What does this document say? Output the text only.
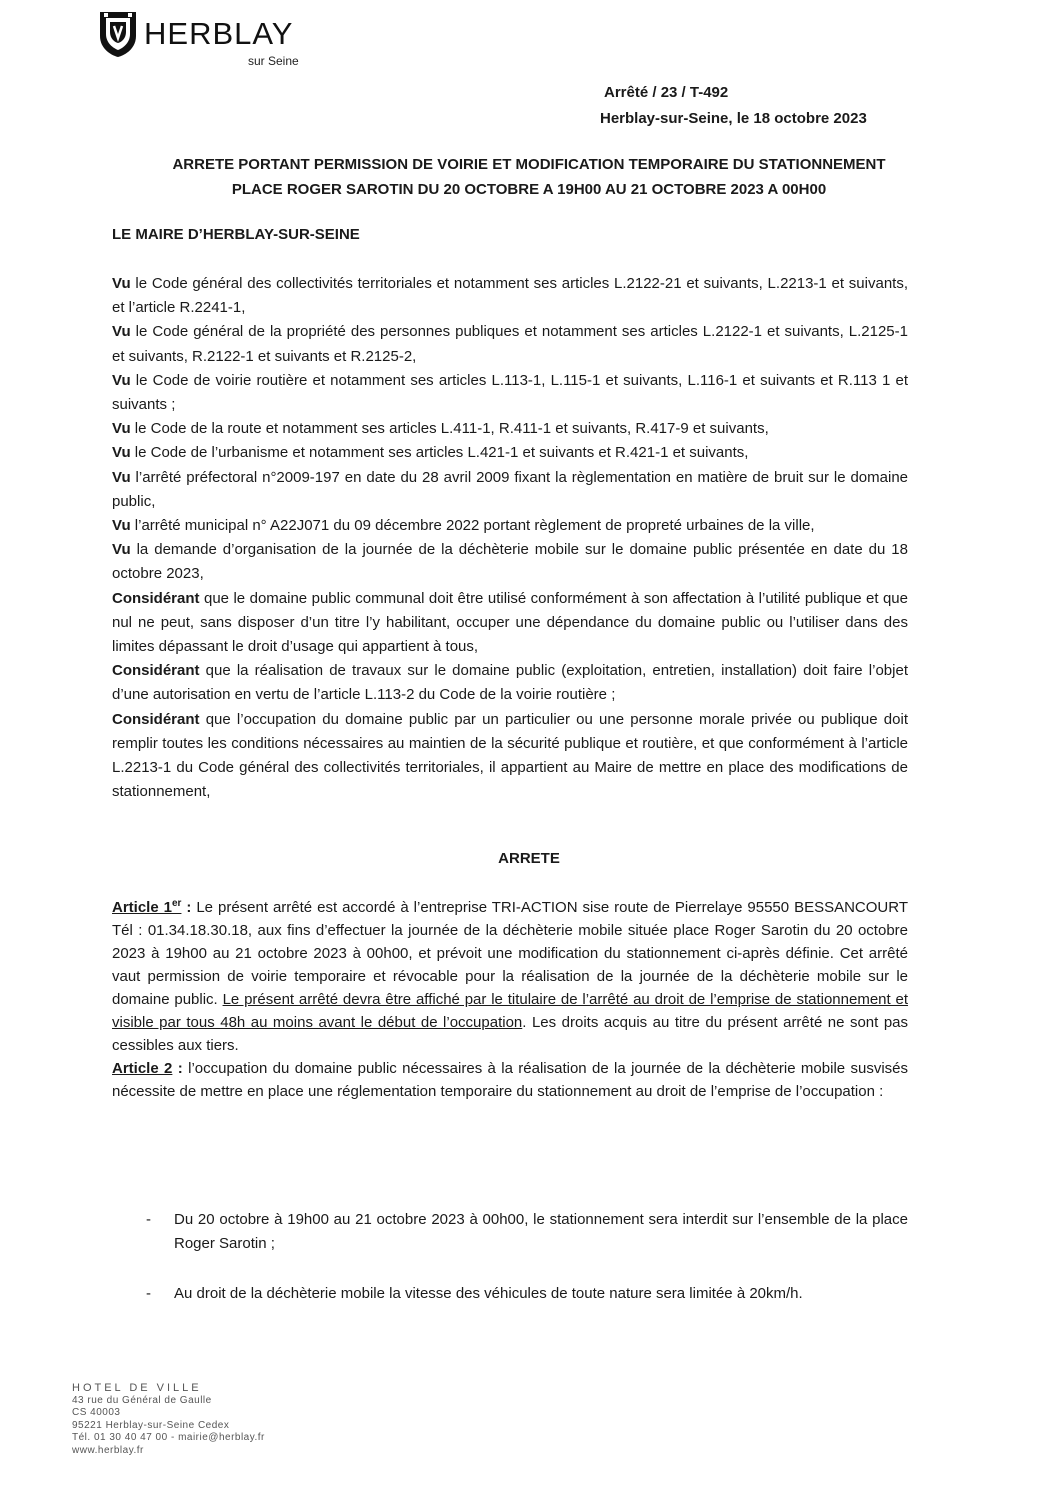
HERBLAY
sur Seine
Arrêté / 23 / T-492
Herblay-sur-Seine, le 18 octobre 2023
ARRETE PORTANT PERMISSION DE VOIRIE ET MODIFICATION TEMPORAIRE DU STATIONNEMENT
PLACE ROGER SAROTIN DU 20 OCTOBRE A 19H00 AU 21 OCTOBRE 2023 A 00H00
LE MAIRE D’HERBLAY-SUR-SEINE

Vu le Code général des collectivités territoriales et notamment ses articles L.2122-21 et suivants, L.2213-1 et suivants, et l’article R.2241-1,

Vu le Code général de la propriété des personnes publiques et notamment ses articles L.2122-1 et suivants, L.2125-1 et suivants, R.2122-1 et suivants et R.2125-2,

Vu le Code de voirie routière et notamment ses articles L.113-1, L.115-1 et suivants, L.116-1 et suivants et R.113 1 et suivants ;

Vu le Code de la route et notamment ses articles L.411-1, R.411-1 et suivants, R.417-9 et suivants,

Vu le Code de l’urbanisme et notamment ses articles L.421-1 et suivants et R.421-1 et suivants,

Vu l’arrêté préfectoral n°2009-197 en date du 28 avril 2009 fixant la règlementation en matière de bruit sur le domaine public,

Vu l’arrêté municipal n° A22J071 du 09 décembre 2022 portant règlement de propreté urbaines de la ville,

Vu la demande d’organisation de la journée de la déchèterie mobile sur le domaine public présentée en date du 18 octobre 2023,

Considérant que le domaine public communal doit être utilisé conformément à son affectation à l’utilité publique et que nul ne peut, sans disposer d’un titre l’y habilitant, occuper une dépendance du domaine public ou l’utiliser dans des limites dépassant le droit d’usage qui appartient à tous,

Considérant que la réalisation de travaux sur le domaine public (exploitation, entretien, installation) doit faire l’objet d’une autorisation en vertu de l’article L.113-2 du Code de la voirie routière ;

Considérant que l’occupation du domaine public par un particulier ou une personne morale privée ou publique doit remplir toutes les conditions nécessaires au maintien de la sécurité publique et routière, et que conformément à l’article L.2213-1 du Code général des collectivités territoriales, il appartient au Maire de mettre en place des modifications de stationnement,

ARRETE

Article 1er : Le présent arrêté est accordé à l’entreprise TRI-ACTION sise route de Pierrelaye 95550 BESSANCOURT Tél : 01.34.18.30.18, aux fins d’effectuer la journée de la déchèterie mobile située place Roger Sarotin du 20 octobre 2023 à 19h00 au 21 octobre 2023 à 00h00, et prévoit une modification du stationnement ci-après définie. Cet arrêté vaut permission de voirie temporaire et révocable pour la réalisation de la journée de la déchèterie mobile sur le domaine public. Le présent arrêté devra être affiché par le titulaire de l’arrêté au droit de l’emprise de stationnement et visible par tous 48h au moins avant le début de l’occupation. Les droits acquis au titre du présent arrêté ne sont pas cessibles aux tiers.

Article 2 : l’occupation du domaine public nécessaires à la réalisation de la journée de la déchèterie mobile susvisés nécessite de mettre en place une réglementation temporaire du stationnement au droit de l’emprise de l’occupation :

- Du 20 octobre à 19h00 au 21 octobre 2023 à 00h00, le stationnement sera interdit sur l’ensemble de la place Roger Sarotin ;
- Au droit de la déchèterie mobile la vitesse des véhicules de toute nature sera limitée à 20km/h.
HOTEL DE VILLE
43 rue du Général de Gaulle
CS 40003
95221 Herblay-sur-Seine Cedex
Tél. 01 30 40 47 00 - mairie@herblay.fr
www.herblay.fr
